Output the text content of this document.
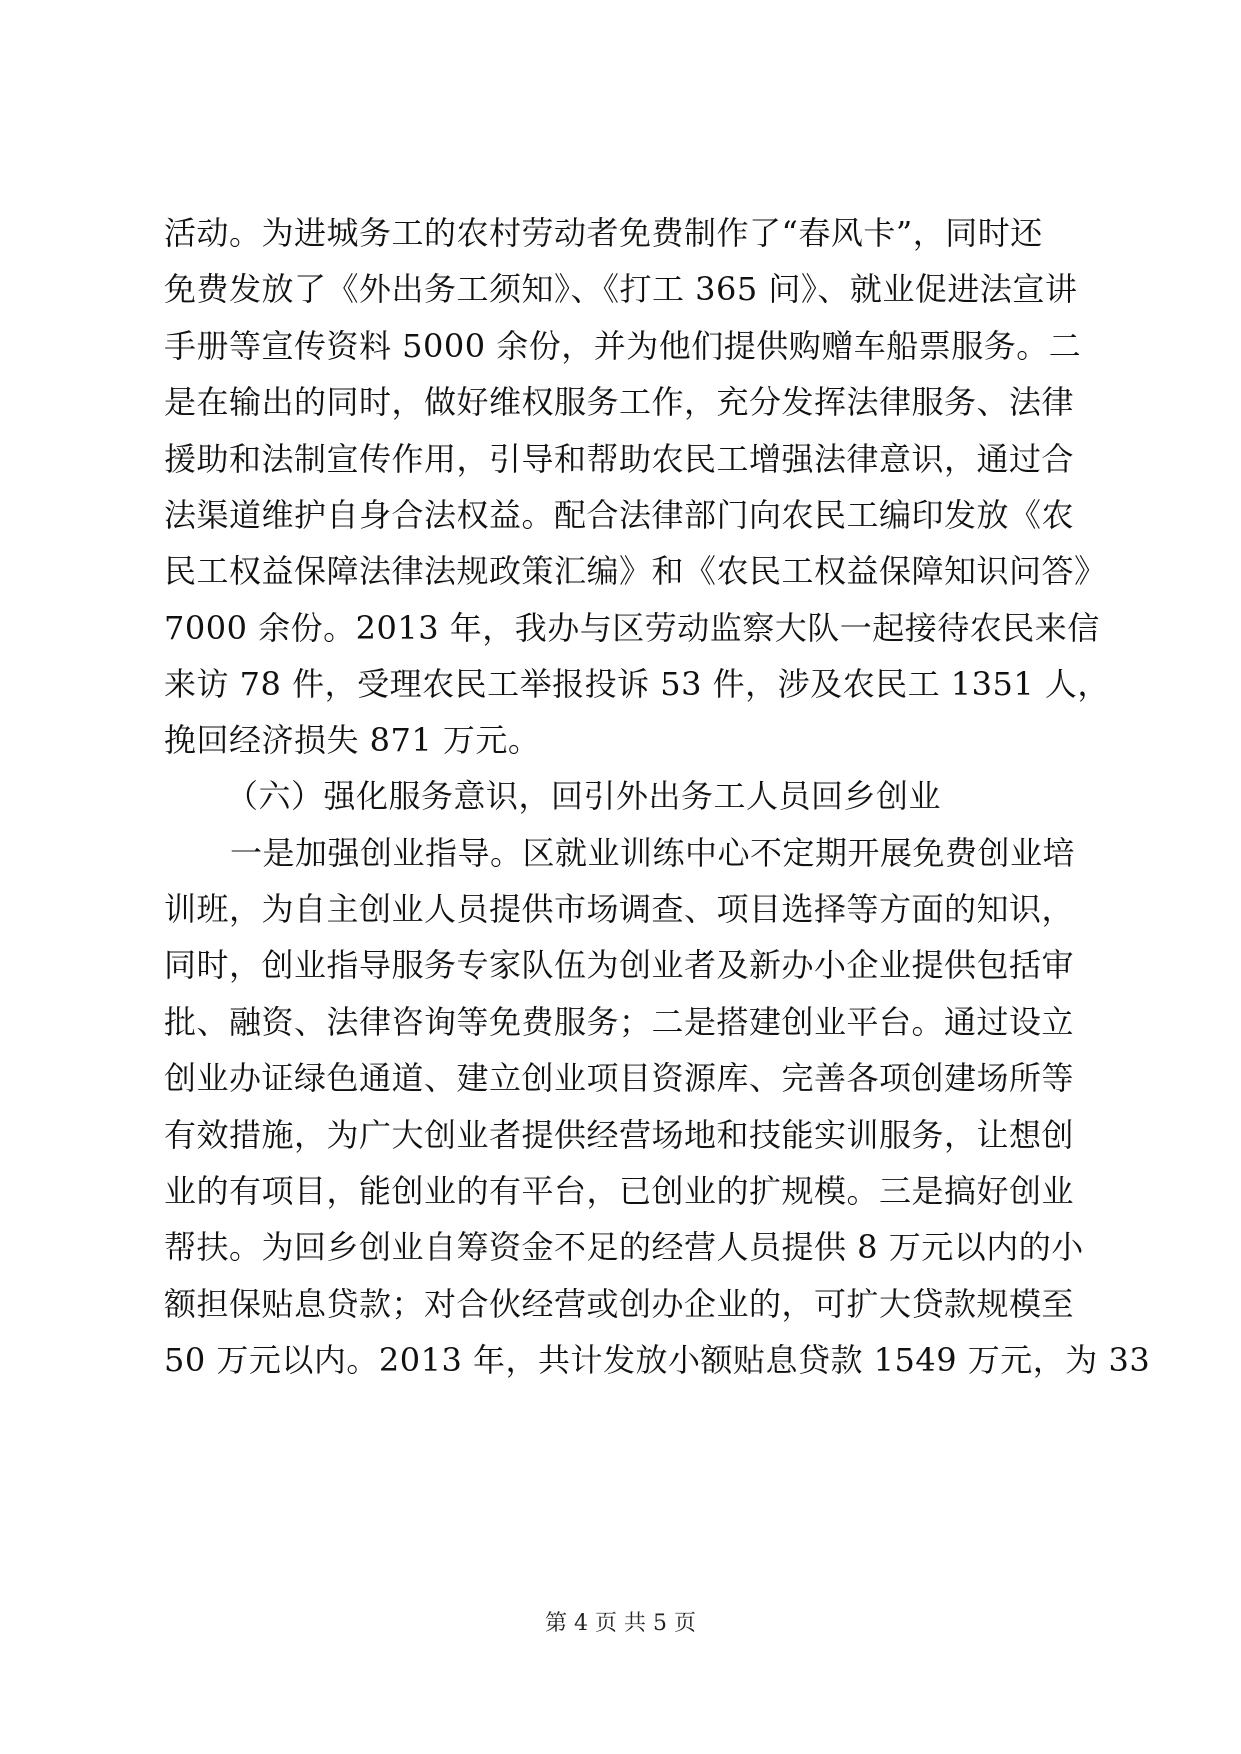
活动。为进城务工的农村劳动者免费制作了“春风卡”，同时还
免费发放了《外出务工须知》、《打工 365 问》、就业促进法宣讲
手册等宣传资料 5000 余份，并为他们提供购赠车船票服务。二
是在输出的同时，做好维权服务工作，充分发挥法律服务、法律
援助和法制宣传作用，引导和帮助农民工增强法律意识，通过合
法渠道维护自身合法权益。配合法律部门向农民工编印发放《农
民工权益保障法律法规政策汇编》和《农民工权益保障知识问答》
7000 余份。2013 年，我办与区劳动监察大队一起接待农民来信
来访 78 件，受理农民工举报投诉 53 件，涉及农民工 1351 人，
挽回经济损失 871 万元。
（六）强化服务意识，回引外出务工人员回乡创业
一是加强创业指导。区就业训练中心不定期开展免费创业培
训班，为自主创业人员提供市场调查、项目选择等方面的知识，
同时，创业指导服务专家队伍为创业者及新办小企业提供包括审
批、融资、法律咨询等免费服务；二是搭建创业平台。通过设立
创业办证绿色通道、建立创业项目资源库、完善各项创建场所等
有效措施，为广大创业者提供经营场地和技能实训服务，让想创
业的有项目，能创业的有平台，已创业的扩规模。三是搞好创业
帮扶。为回乡创业自筹资金不足的经营人员提供 8 万元以内的小
额担保贴息贷款；对合伙经营或创办企业的，可扩大贷款规模至
50 万元以内。2013 年，共计发放小额贴息贷款 1549 万元，为 33
第 4 页 共 5 页
